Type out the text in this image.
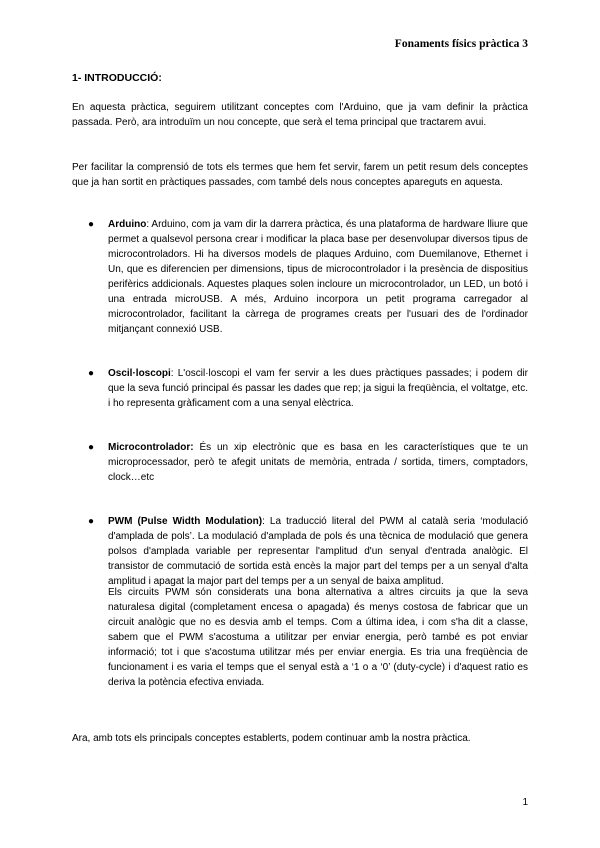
Fonaments físics pràctica 3
1- INTRODUCCIÓ:

En aquesta pràctica, seguirem utilitzant conceptes com l'Arduino, que ja vam definir la pràctica passada. Però, ara introduïm un nou concepte, que serà el tema principal que tractarem avui.

Per facilitar la comprensió de tots els termes que hem fet servir, farem un petit resum dels conceptes que ja han sortit en pràctiques passades, com també dels nous conceptes apareguts en aquesta.

● Arduino: Arduino, com ja vam dir la darrera pràctica, és una plataforma de hardware lliure que permet a qualsevol persona crear i modificar la placa base per desenvolupar diversos tipus de microcontroladors. Hi ha diversos models de plaques Arduino, com Duemilanove, Ethernet i Un, que es diferencien per dimensions, tipus de microcontrolador i la presència de dispositius perifèrics addicionals. Aquestes plaques solen incloure un microcontrolador, un LED, un botó i una entrada microUSB. A més, Arduino incorpora un petit programa carregador al microcontrolador, facilitant la càrrega de programes creats per l'usuari des de l'ordinador mitjançant connexió USB.
● Oscil·loscopi: L'oscil·loscopi el vam fer servir a les dues pràctiques passades; i podem dir que la seva funció principal és passar les dades que rep; ja sigui la freqüència, el voltatge, etc. i ho representa gràficament com a una senyal elèctrica.
● Microcontrolador: És un xip electrònic que es basa en les característiques que te un microprocessador, però te afegit unitats de memòria, entrada / sortida, timers, comptadors, clock…etc
● PWM (Pulse Width Modulation): La traducció literal del PWM al català seria ‘modulació d'amplada de pols’. La modulació d'amplada de pols és una tècnica de modulació que genera polsos d'amplada variable per representar l'amplitud d'un senyal d'entrada analògic. El transistor de commutació de sortida està encès la major part del temps per a un senyal d'alta amplitud i apagat la major part del temps per a un senyal de baixa amplitud.

Els circuits PWM són considerats una bona alternativa a altres circuits ja que la seva naturalesa digital (completament encesa o apagada) és menys costosa de fabricar que un circuit analògic que no es desvia amb el temps. Com a última idea, i com s'ha dit a classe, sabem que el PWM s'acostuma a utilitzar per enviar energia, però també es pot enviar informació; tot i que s'acostuma utilitzar més per enviar energia. Es tria una freqüència de funcionament i es varia el temps que el senyal està a ‘1 o a ‘0’ (duty-cycle) i d'aquest ratio es deriva la potència efectiva enviada.

Ara, amb tots els principals conceptes establerts, podem continuar amb la nostra pràctica.

1
